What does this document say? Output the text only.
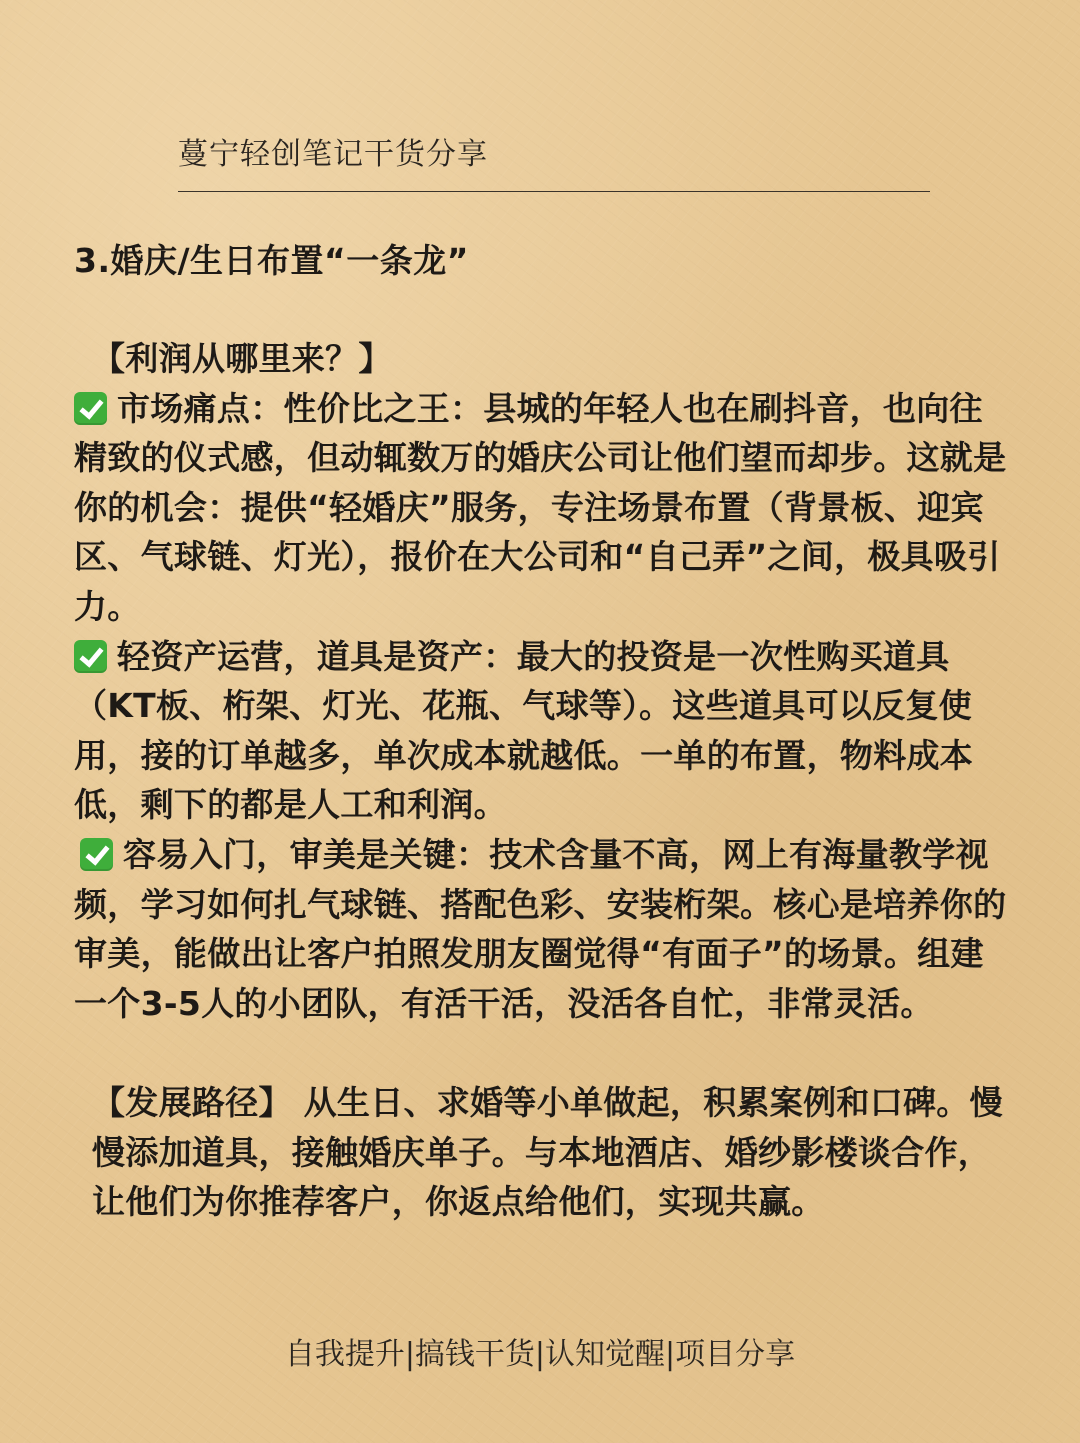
蔓宁轻创笔记干货分享
3.婚庆/生日布置“一条龙”

【利润从哪里来？】

市场痛点：性价比之王：县城的年轻人也在刷抖音，也向往精致的仪式感，但动辄数万的婚庆公司让他们望而却步。这就是你的机会：提供“轻婚庆”服务，专注场景布置（背景板、迎宾区、气球链、灯光），报价在大公司和“自己弄”之间，极具吸引力。

轻资产运营，道具是资产：最大的投资是一次性购买道具（KT板、桁架、灯光、花瓶、气球等）。这些道具可以反复使用，接的订单越多，单次成本就越低。一单的布置，物料成本低，剩下的都是人工和利润。

容易入门，审美是关键：技术含量不高，网上有海量教学视频，学习如何扎气球链、搭配色彩、安装桁架。核心是培养你的审美，能做出让客户拍照发朋友圈觉得“有面子”的场景。组建一个3-5人的小团队，有活干活，没活各自忙，非常灵活。

【发展路径】 从生日、求婚等小单做起，积累案例和口碑。慢慢添加道具，接触婚庆单子。与本地酒店、婚纱影楼谈合作，让他们为你推荐客户，你返点给他们，实现共赢。

自我提升|搞钱干货|认知觉醒|项目分享
